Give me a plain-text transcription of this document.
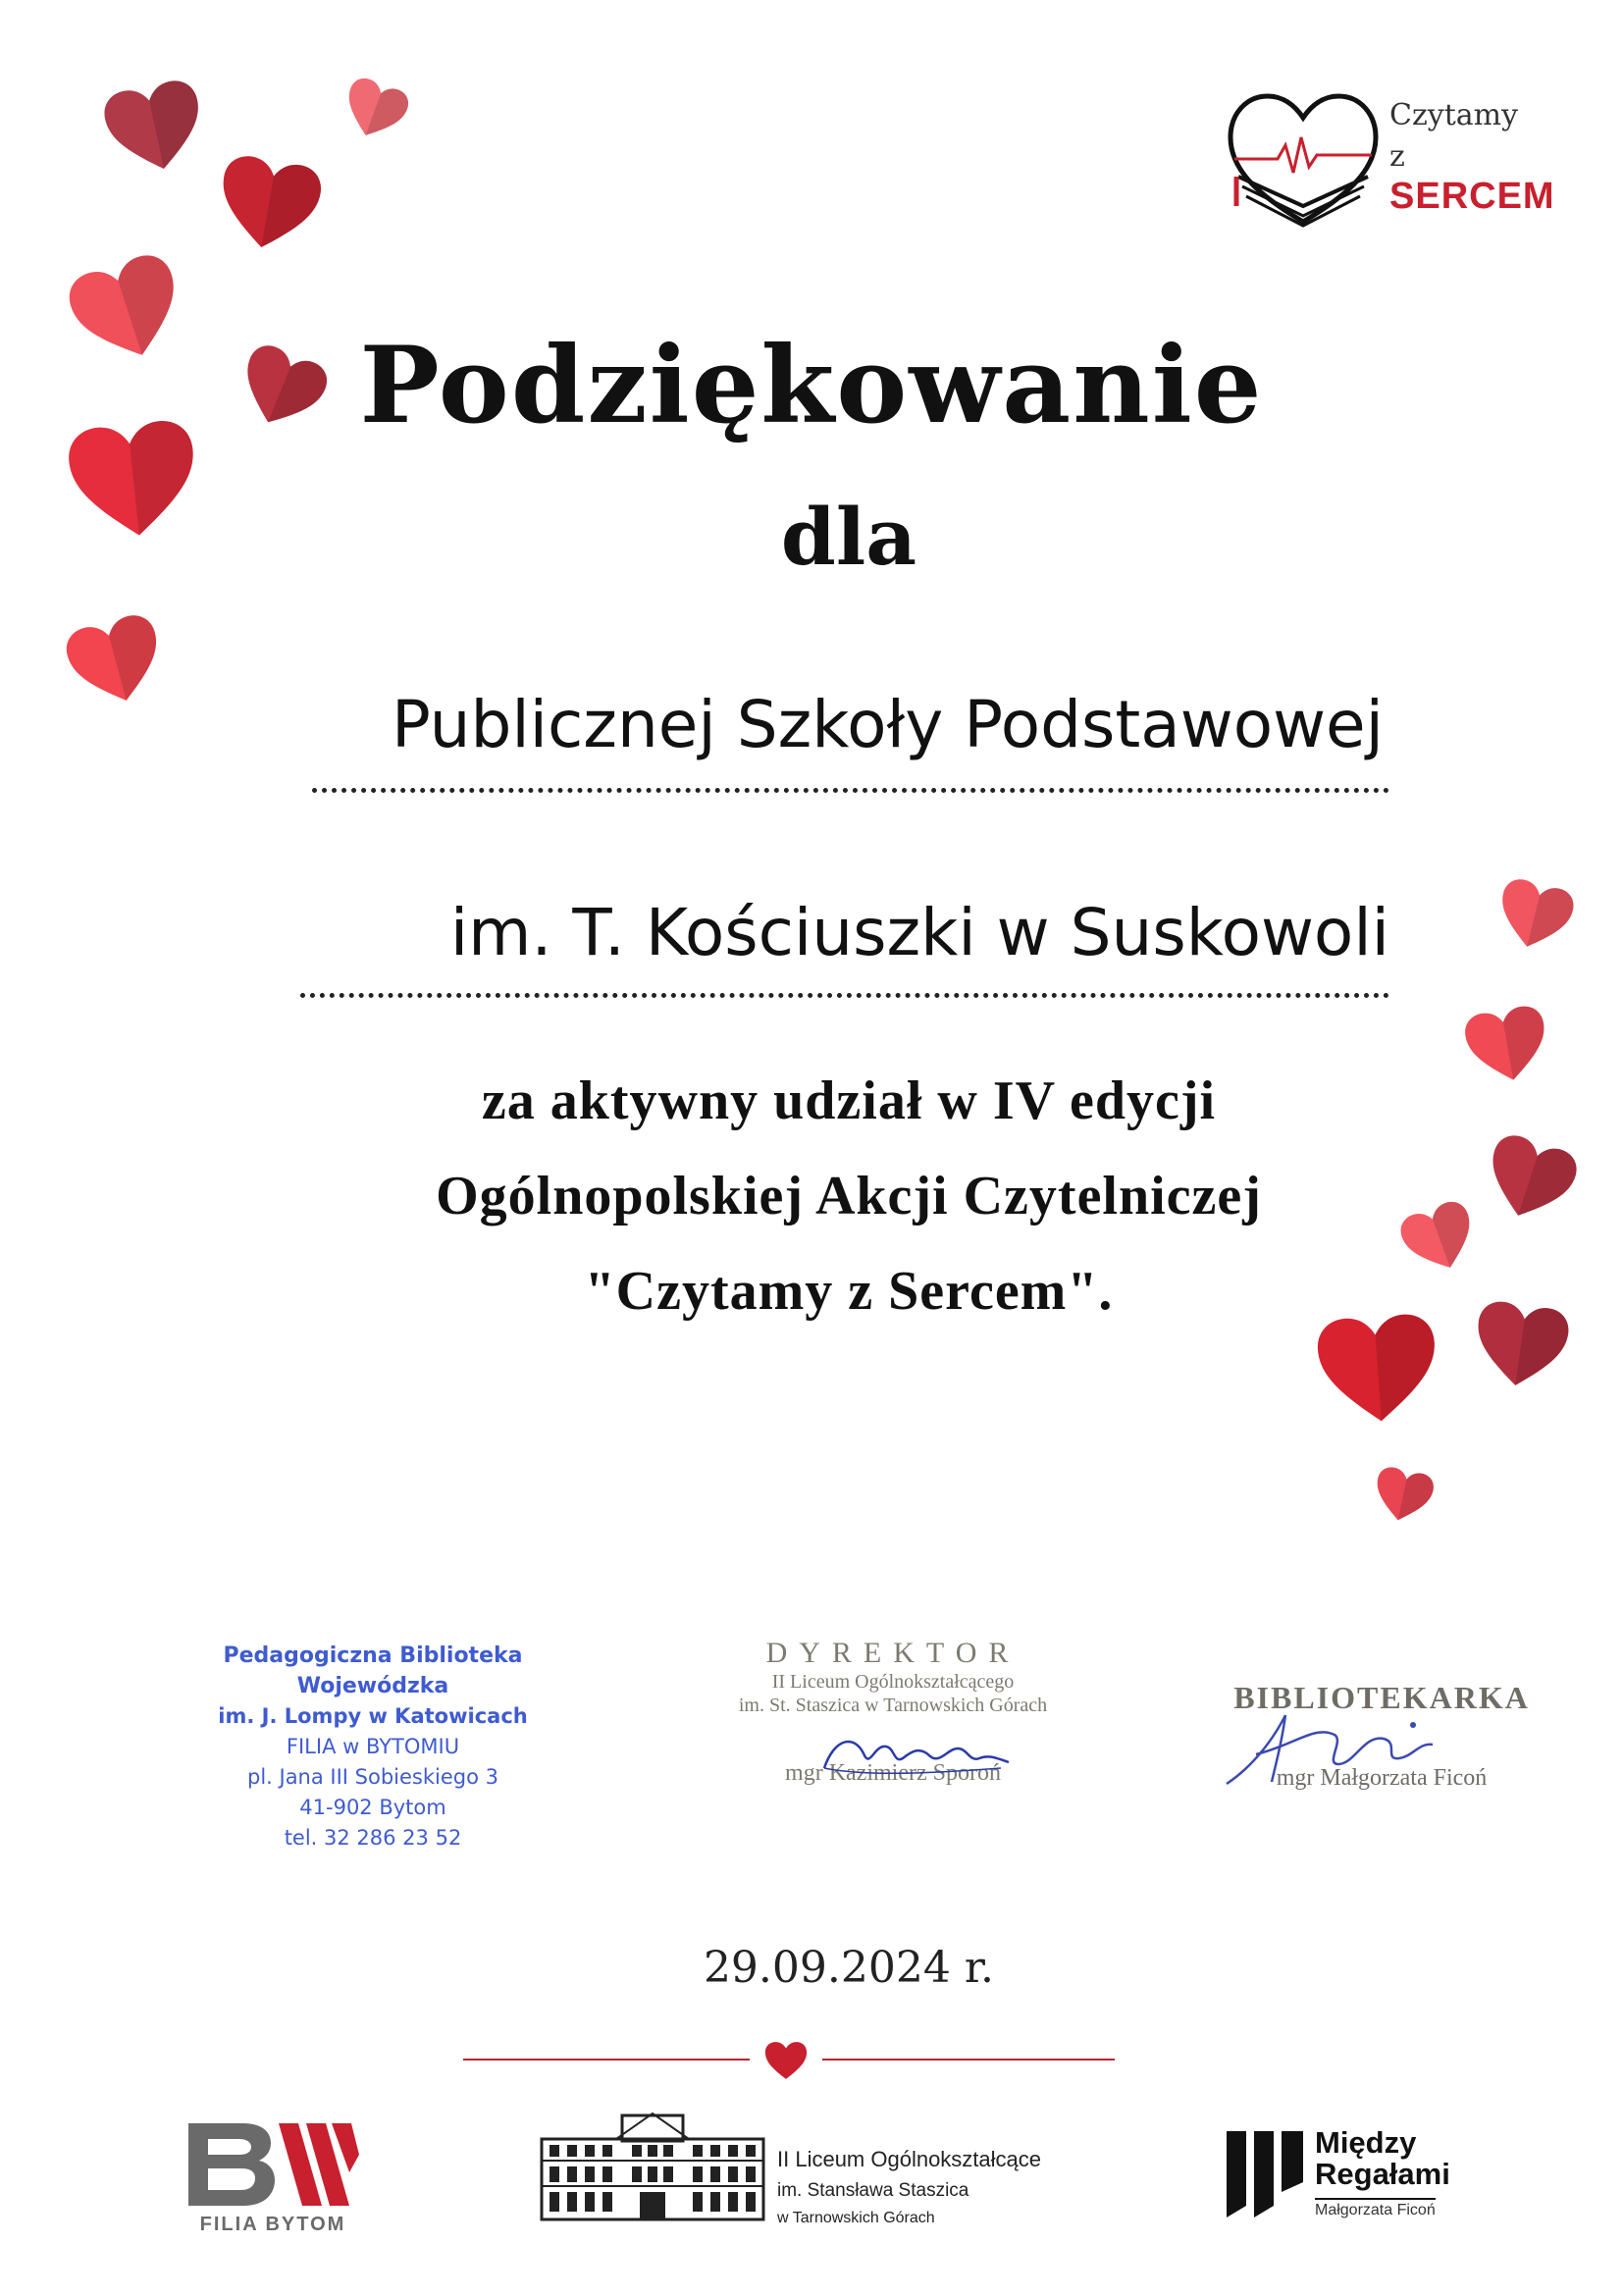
Czytamy
z SERCEM
Podziękowanie
dla
Publicznej Szkoły Podstawowej
im. T. Kościuszki w Suskowoli
za aktywny udział w IV edycji
Ogólnopolskiej Akcji Czytelniczej
"Czytamy z Sercem".
Pedagogiczna Biblioteka Wojewódzka
im. J. Lompy w Katowicach
FILIA w BYTOMIU
pl. Jana III Sobieskiego 3
41-902 Bytom
tel. 32 286 23 52
DYREKTOR
II Liceum Ogólnokształcącego
im. St. Staszica w Tarnowskich Górach
mgr Kazimierz Sporoń
BIBLIOTEKARKA
mgr Małgorzata Ficoń
29.09.2024 r.
FILIA BYTOM
II Liceum Ogólnokształcące
im. Stansława Staszica
w Tarnowskich Górach
Między
Regałami
Małgorzata Ficoń
